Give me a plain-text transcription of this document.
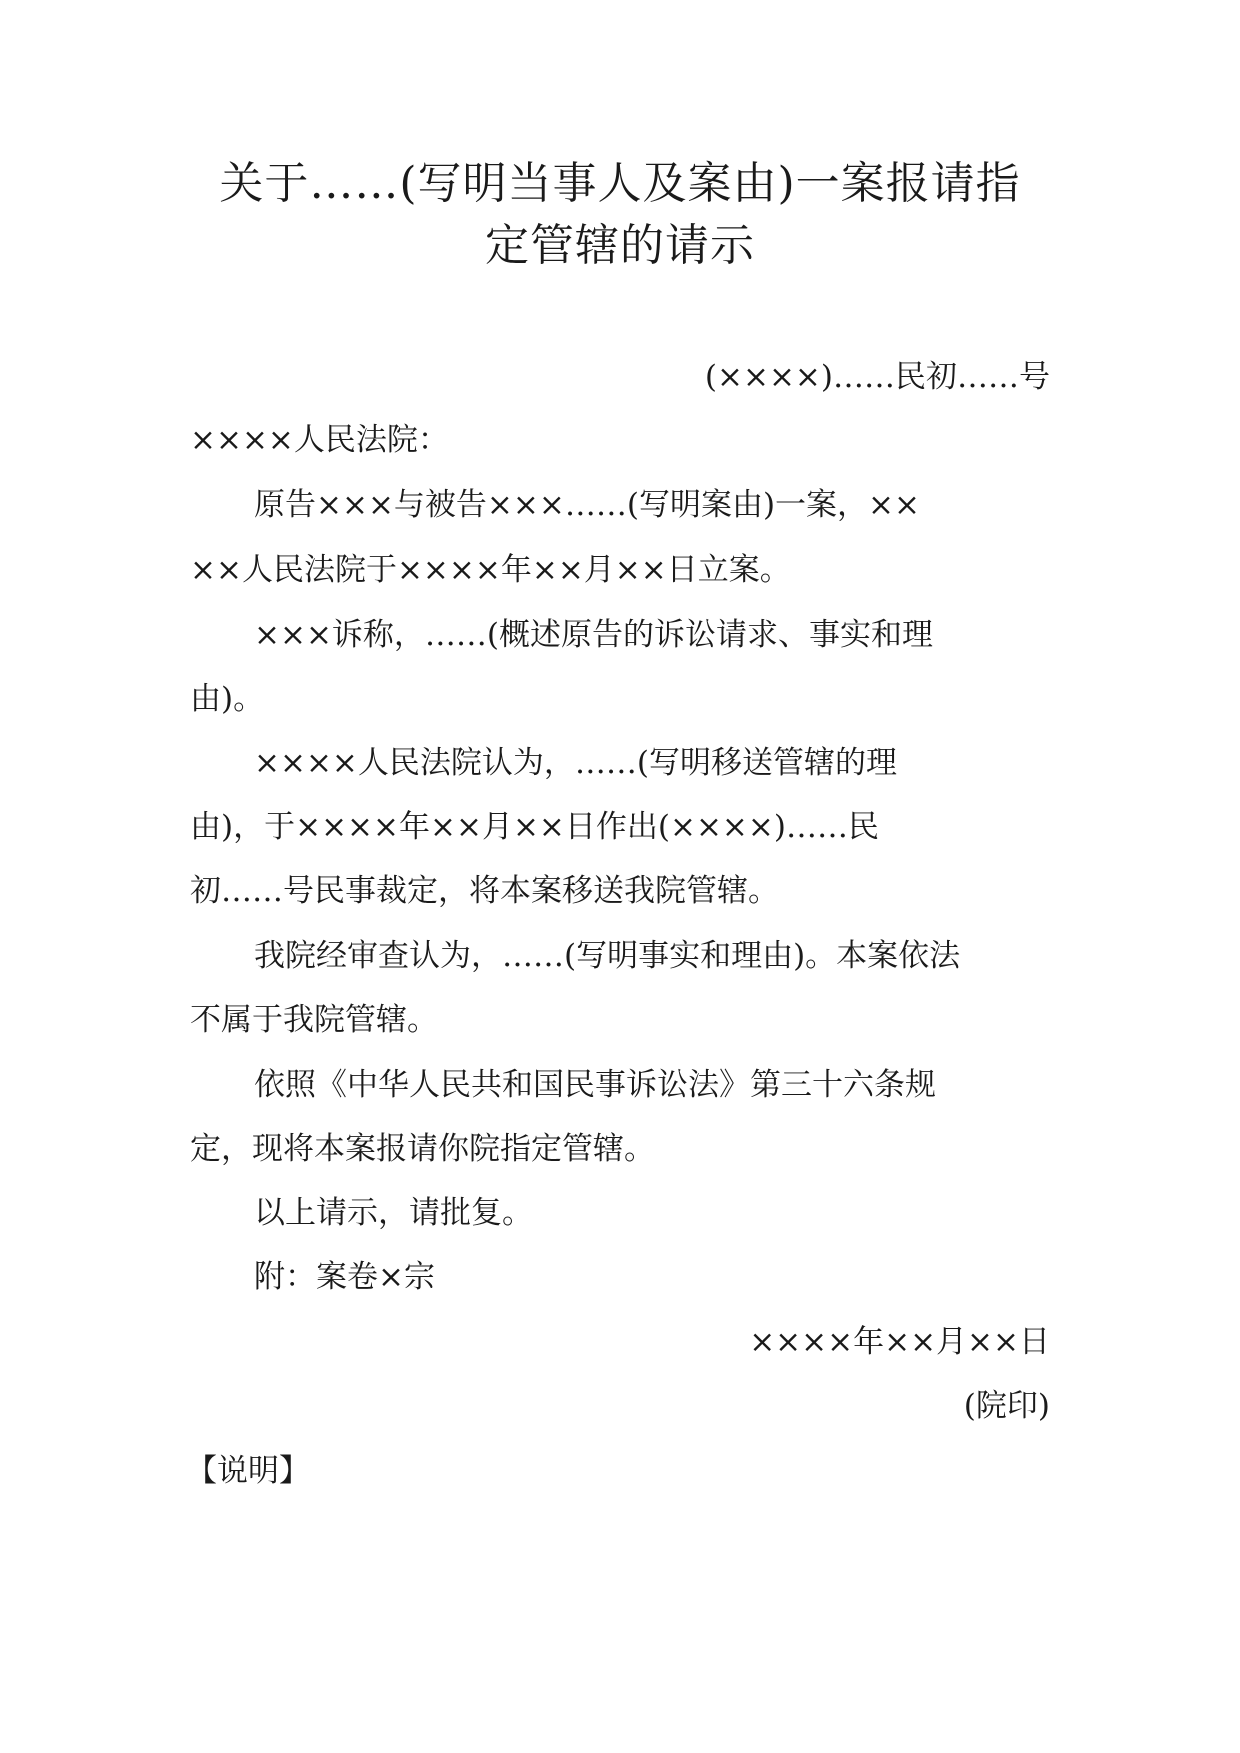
关于……(写明当事人及案由)一案报请指
定管辖的请示

(××××)……民初……号

××××人民法院：

原告×××与被告×××……(写明案由)一案，××

××人民法院于××××年××月××日立案。

×××诉称，……(概述原告的诉讼请求、事实和理

由)。

××××人民法院认为，……(写明移送管辖的理

由)，于××××年××月××日作出(××××)……民

初……号民事裁定，将本案移送我院管辖。

我院经审查认为，……(写明事实和理由)。本案依法

不属于我院管辖。

依照《中华人民共和国民事诉讼法》第三十六条规

定，现将本案报请你院指定管辖。

以上请示，请批复。

附：案卷×宗

××××年××月××日

(院印)

【说明】
